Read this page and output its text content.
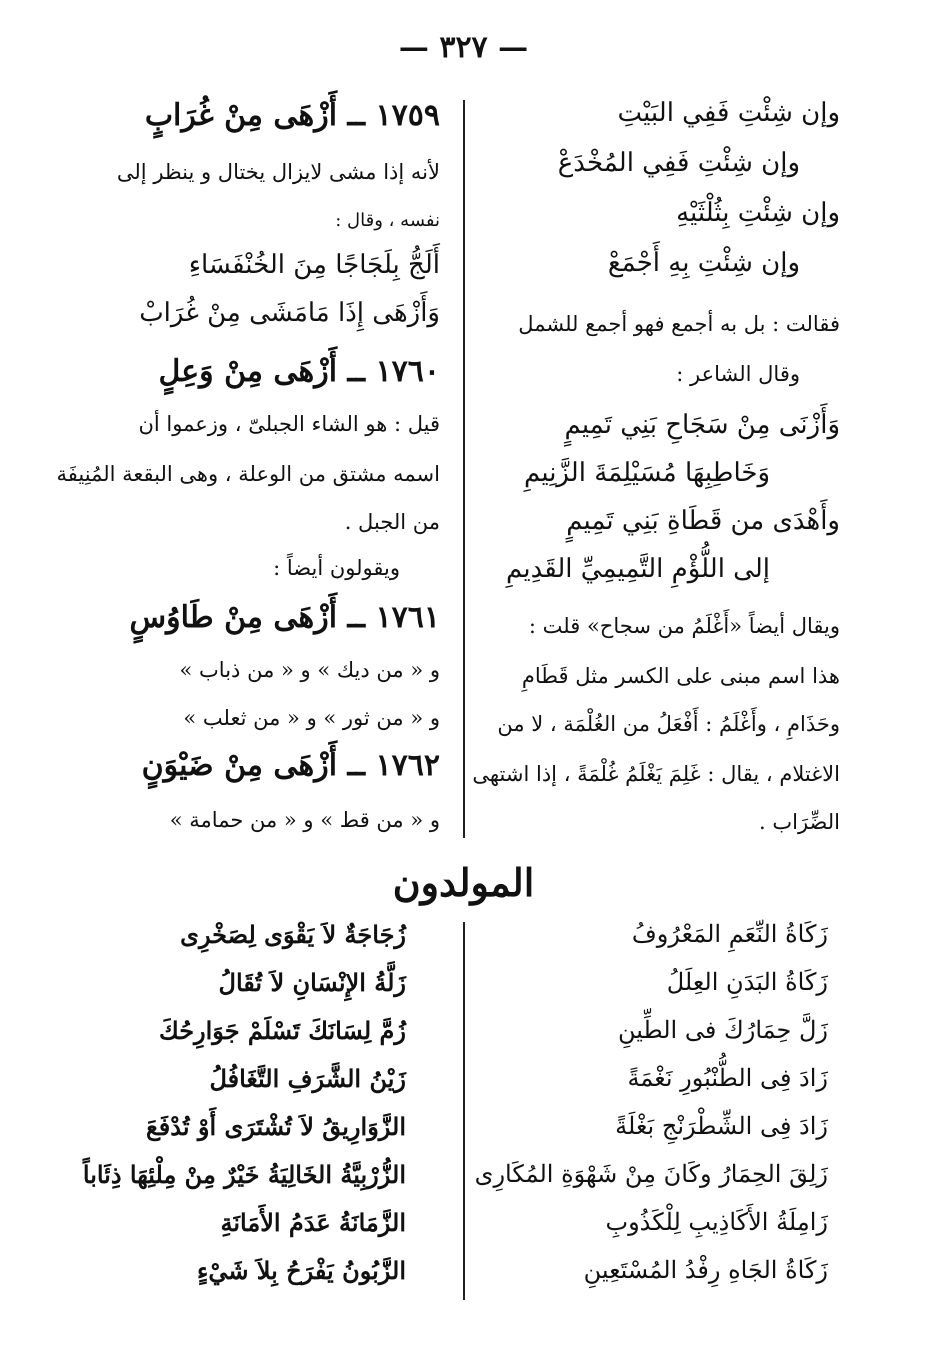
— ٣٢٧ —
وإن شِئْتِ فَفِي البَيْتِ
وإن شِئْتِ فَفِي المُخْدَعْ
وإن شِئْتِ بِثُلْثَيْهِ
وإن شِئْتِ بِهِ أَجْمَعْ
فقالت : بل به أجمع فهو أجمع للشمل
وقال الشاعر :
وَأَزْنَى مِنْ سَجَاحِ بَنِي تَمِيمٍ
وَخَاطِبِهَا مُسَيْلِمَةَ الزَّنِيمِ
وأَهْدَى من قَطَاةِ بَنِي تَمِيمٍ
إلى اللُّؤْمِ التَّمِيمِيِّ القَدِيمِ
ويقال أيضاً «أَغْلَمُ من سجاح» قلت :
هذا اسم مبنى على الكسر مثل قَطَامِ
وحَذَامِ ، وأَغْلَمُ : أَفْعَلُ من الغُلْمَة ، لا من
الاغتلام ، يقال : غَلِمَ يَغْلَمُ غُلْمَةً ، إذا اشتهى
الضِّرَاب .
١٧٥٩ ــ أَزْهَى مِنْ غُرَابٍ
لأنه إذا مشى لايزال يختال و ينظر إلى
نفسه ، وقال :
أَلَجُّ بِلَجَاجًا مِنَ الخُنْفَسَاءِ
وَأَزْهَى إِذَا مَامَشَى مِنْ غُرَابْ
١٧٦٠ ــ أَزْهَى مِنْ وَعِلٍ
قيل : هو الشاء الجبلىّ ، وزعموا أن
اسمه مشتق من الوعلة ، وهى البقعة المُنِيفَة
من الجبل .
ويقولون أيضاً :
١٧٦١ ــ أَزْهَى مِنْ طَاوُسٍ
و « من ديك » و « من ذباب »
و « من ثور » و « من ثعلب »
١٧٦٢ ــ أَزْهَى مِنْ ضَيْوَنٍ
و « من قط » و « من حمامة »
المولدون
زَكَاةُ النِّعَمِ المَعْرُوفُ
زَكَاةُ البَدَنِ العِلَلُ
زَلَّ حِمَارُكَ فى الطِّينِ
زَادَ فِى الطُّنْبُورِ نَغْمَةً
زَادَ فِى الشِّطْرَنْجِ بَغْلَةً
زَلِقَ الحِمَارُ وكَانَ مِنْ شَهْوَةِ المُكَارِى
زَامِلَةُ الأَكَاذِيبِ لِلْكَذُوبِ
زَكَاةُ الجَاهِ رِفْدُ المُسْتَعِينِ
زُجَاجَةٌ لاَ يَقْوَى لِصَخْرِى
زَلَّةُ الإِنْسَانِ لاَ تُقَالُ
زُمَّ لِسَانَكَ تَسْلَمْ جَوَارِحُكَ
زَيْنُ الشَّرَفِ التَّغَافُلُ
الزَّوَارِيقُ لاَ تُشْتَرَى أَوْ تُدْفَعَ
الزُّرْبِيَّةُ الخَالِيَةُ خَيْرٌ مِنْ مِلْئِهَا ذِئَاباً
الزَّمَانَةُ عَدَمُ الأَمَانَةِ
الزَّبُونُ يَفْرَحُ بِلاَ شَيْءٍ
